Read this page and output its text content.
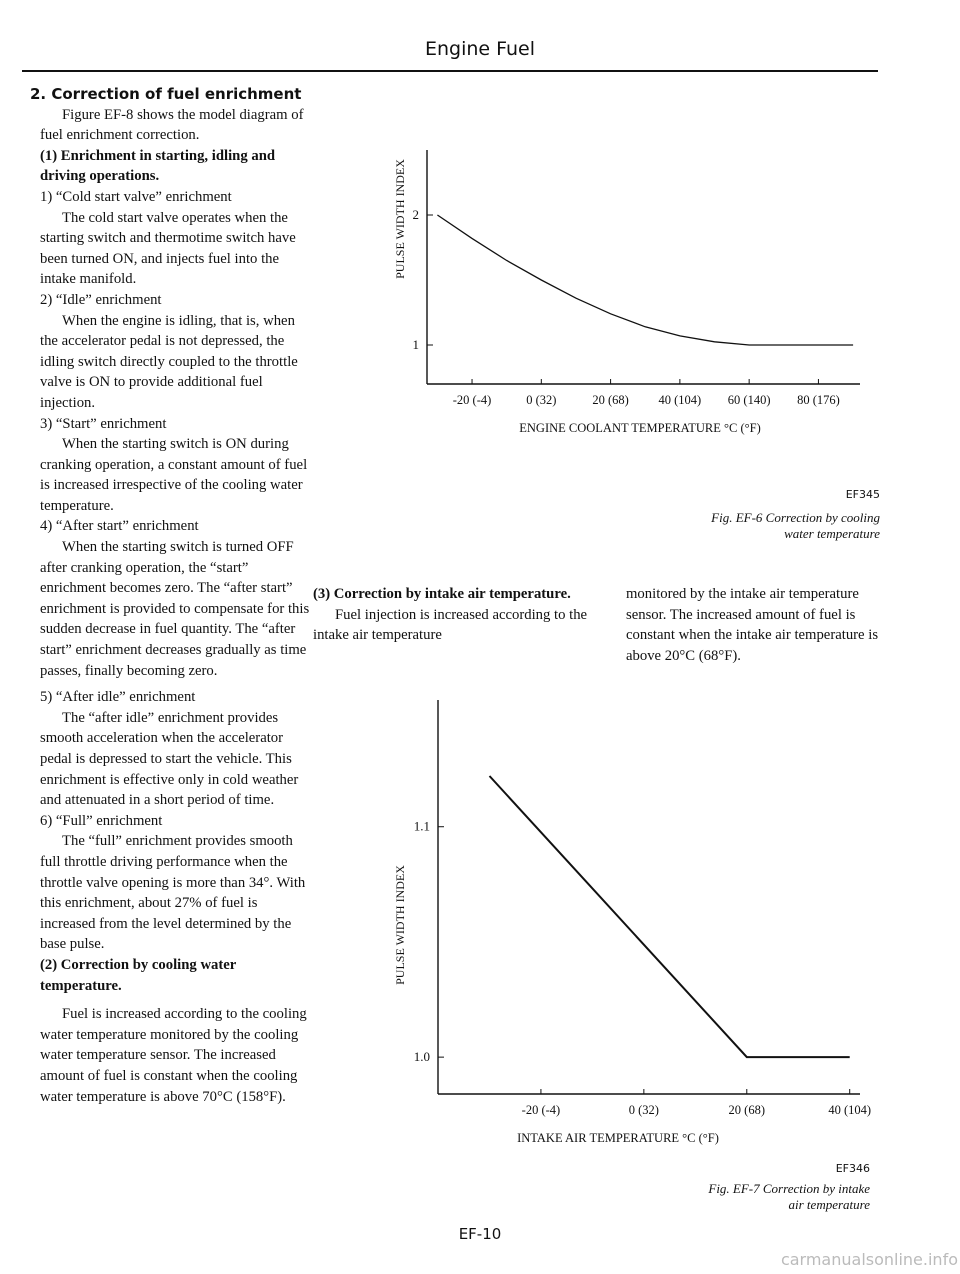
Engine Fuel

2. Correction of fuel enrichment

Figure EF-8 shows the model diagram of fuel enrichment correction.

(1) Enrichment in starting, idling and driving operations.

1) “Cold start valve” enrichment

The cold start valve operates when the starting switch and thermotime switch have been turned ON, and injects fuel into the intake manifold.

2) “Idle” enrichment

When the engine is idling, that is, when the accelerator pedal is not depressed, the idling switch directly coupled to the throttle valve is ON to provide additional fuel injection.

3) “Start” enrichment

When the starting switch is ON during cranking operation, a constant amount of fuel is increased irrespective of the cooling water temperature.

4) “After start” enrichment

When the starting switch is turned OFF after cranking operation, the “start” enrichment becomes zero. The “after start” enrichment is provided to compensate for this sudden decrease in fuel quantity. The “after start” enrichment decreases gradually as time passes, finally becoming zero.

5) “After idle” enrichment

The “after idle” enrichment provides smooth acceleration when the accelerator pedal is depressed to start the vehicle. This enrichment is effective only in cold weather and attenuated in a short period of time.

6) “Full” enrichment

The “full” enrichment provides smooth full throttle driving performance when the throttle valve opening is more than 34°. With this enrichment, about 27% of fuel is increased from the level determined by the base pulse.

(2) Correction by cooling water temperature.

Fuel is increased according to the cooling water temperature monitored by the cooling water temperature sensor. The increased amount of fuel is constant when the cooling water temperature is above 70°C (158°F).

-20 (-4)	0 (32)	20 (68) 40 (104) 60 (140) 80 (176)
1
2
ENGINE COOLANT TEMPERATURE °C (°F)
PULSE WIDTH INDEX
EF345
Fig. EF-6 Correction by cooling
water temperature

(3) Correction by intake air temperature.

Fuel injection is increased according to the intake air temperature

monitored by the intake air temperature sensor. The increased amount of fuel is constant when the intake air temperature is above 20°C (68°F).

-20 (-4)	0 (32)	20 (68)	40 (104)
1.0
1.1
INTAKE AIR TEMPERATURE °C (°F)
PULSE WIDTH INDEX
EF346
Fig. EF-7 Correction by intake
air temperature
EF-10
carmanualsonline.info
